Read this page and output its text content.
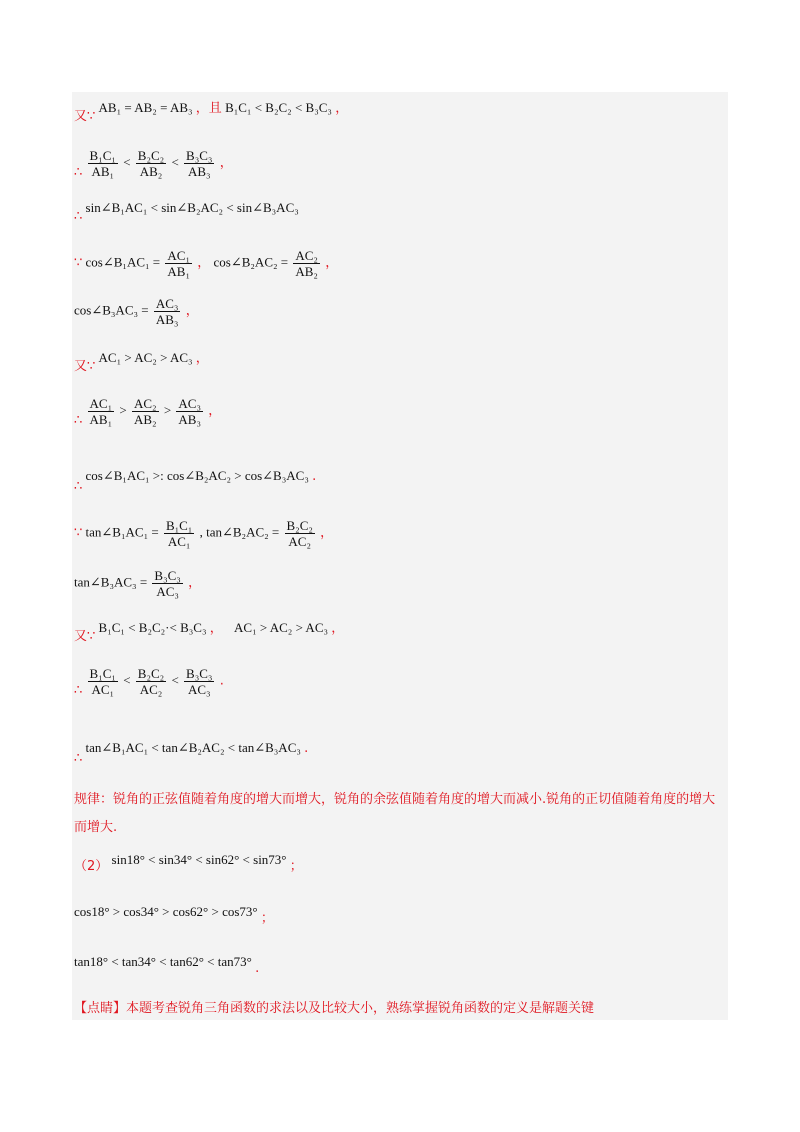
又∵ AB₁ = AB₂ = AB₃ ，且 B₁C₁ < B₂C₂ < B₃C₃ ，
∴ $\frac{\text{B₁C₁}}{\text{AB₁}} < \frac{\text{B₂C₂}}{\text{AB₂}} < \frac{\text{B₃C₃}}{\text{AB₃}}$ ，
∴ sin∠B₁AC₁ < sin∠B₂AC₂ < sin∠B₃AC₃
∵ cos∠B₁AC₁ = $\frac{\text{AC₁}}{\text{AB₁}}$ ， cos∠B₂AC₂ = $\frac{\text{AC₂}}{\text{AB₂}}$ ，
cos∠B₃AC₃ = $\frac{\text{AC₃}}{\text{AB₃}}$ ，
又∵ AC₁ > AC₂ > AC₃ ，
∴ $\frac{\text{AC₁}}{\text{AB₁}} > \frac{\text{AC₂}}{\text{AB₂}} > \frac{\text{AC₃}}{\text{AB₃}}$ ，
∴ cos∠B₁AC₁ >: cos∠B₂AC₂ > cos∠B₃AC₃ .
∵ tan∠B₁AC₁ = $\frac{\text{B₁C₁}}{\text{AC₁}}$ , tan∠B₂AC₂ = $\frac{\text{B₂C₂}}{\text{AC₂}}$ ，
tan∠B₃AC₃ = $\frac{\text{B₃C₃}}{\text{AC₃}}$ ，
又∵ B₁C₁ < B₂C₂·< B₃C₃ ， AC₁ > AC₂ > AC₃ ，
∴ $\frac{\text{B₁C₁}}{\text{AC₁}} < \frac{\text{B₂C₂}}{\text{AC₂}} < \frac{\text{B₃C₃}}{\text{AC₃}}$ .
∴ tan∠B₁AC₁ < tan∠B₂AC₂ < tan∠B₃AC₃ .
规律：锐角的正弦值随着角度的增大而增大，锐角的余弦值随着角度的增大而减小.锐角的正切值随着角度的增大而增大.
（2） sin18° < sin34° < sin62° < sin73° ；
cos18° > cos34° > cos62° > cos73° ；
tan18° < tan34° < tan62° < tan73° .
【点睛】本题考查锐角三角函数的求法以及比较大小，熟练掌握锐角函数的定义是解题关键
